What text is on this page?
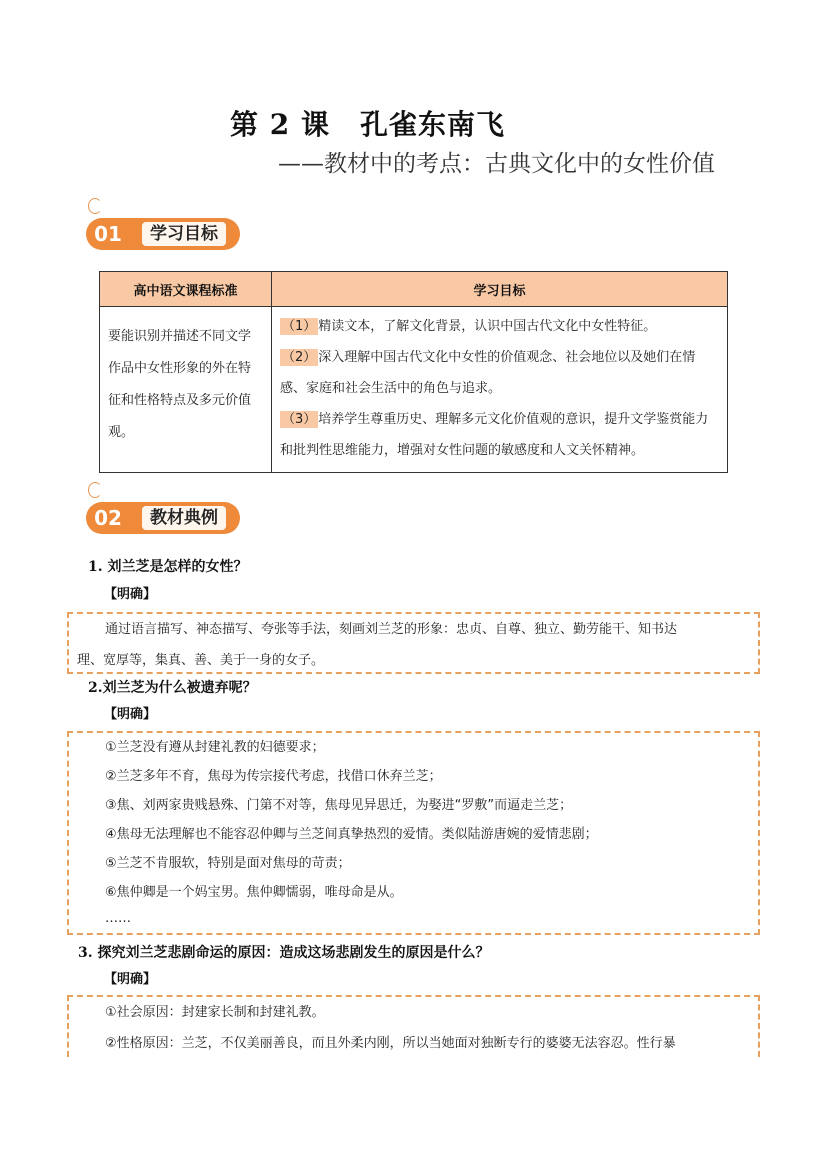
第 2 课 孔雀东南飞
——教材中的考点：古典文化中的女性价值
01	学习目标
高中语文课程标准	学习目标
要能识别并描述不同文学作品中女性形象的外在特征和性格特点及多元价值观。	（1） 精读文本，了解文化背景，认识中国古代文化中女性特征。
（2） 深入理解中国古代文化中女性的价值观念、社会地位以及她们在情感、家庭和社会生活中的角色与追求。
（3） 培养学生尊重历史、理解多元文化价值观的意识，提升文学鉴赏能力和批判性思维能力，增强对女性问题的敏感度和人文关怀精神。
02	教材典例
1. 刘兰芝是怎样的女性？
【明确】

通过语言描写、神态描写、夸张等手法，刻画刘兰芝的形象：忠贞、自尊、独立、勤劳能干、知书达

理、宽厚等，集真、善、美于一身的女子。

2.刘兰芝为什么被遗弃呢？
【明确】

①兰芝没有遵从封建礼教的妇德要求；

②兰芝多年不育，焦母为传宗接代考虑，找借口休弃兰芝；

③焦、刘两家贵贱悬殊、门第不对等，焦母见异思迁，为娶进“罗敷”而逼走兰芝；

④焦母无法理解也不能容忍仲卿与兰芝间真挚热烈的爱情。类似陆游唐婉的爱情悲剧；

⑤兰芝不肯服软，特别是面对焦母的苛责；

⑥焦仲卿是一个妈宝男。焦仲卿懦弱，唯母命是从。

……

3. 探究刘兰芝悲剧命运的原因：造成这场悲剧发生的原因是什么？
【明确】

①社会原因：封建家长制和封建礼教。

②性格原因：兰芝，不仅美丽善良，而且外柔内刚，所以当她面对独断专行的婆婆无法容忍。性行暴
